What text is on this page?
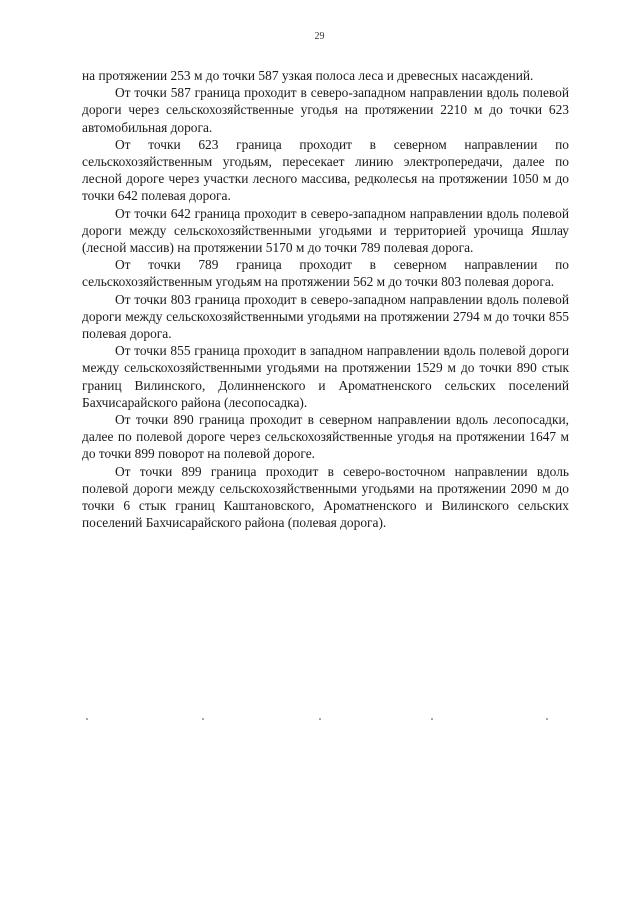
29

на протяжении 253 м до точки 587 узкая полоса леса и древесных насаждений.

От точки 587 граница проходит в северо-западном направлении вдоль полевой дороги через сельскохозяйственные угодья на протяжении 2210 м до точки 623 автомобильная дорога.

От точки 623 граница проходит в северном направлении по сельскохозяйственным угодьям, пересекает линию электропередачи, далее по лесной дороге через участки лесного массива, редколесья на протяжении 1050 м до точки 642 полевая дорога.

От точки 642 граница проходит в северо-западном направлении вдоль полевой дороги между сельскохозяйственными угодьями и территорией урочища Яшлау (лесной массив) на протяжении 5170 м до точки 789 полевая дорога.

От точки 789 граница проходит в северном направлении по сельскохозяйственным угодьям на протяжении 562 м до точки 803 полевая дорога.

От точки 803 граница проходит в северо-западном направлении вдоль полевой дороги между сельскохозяйственными угодьями на протяжении 2794 м до точки 855 полевая дорога.

От точки 855 граница проходит в западном направлении вдоль полевой дороги между сельскохозяйственными угодьями на протяжении 1529 м до точки 890 стык границ Вилинского, Долинненского и Ароматненского сельских поселений Бахчисарайского района (лесопосадка).

От точки 890 граница проходит в северном направлении вдоль лесопосадки, далее по полевой дороге через сельскохозяйственные угодья на протяжении 1647 м до точки 899 поворот на полевой дороге.

От точки 899 граница проходит в северо-восточном направлении вдоль полевой дороги между сельскохозяйственными угодьями на протяжении 2090 м до точки 6 стык границ Каштановского, Ароматненского и Вилинского сельских поселений Бахчисарайского района (полевая дорога).
